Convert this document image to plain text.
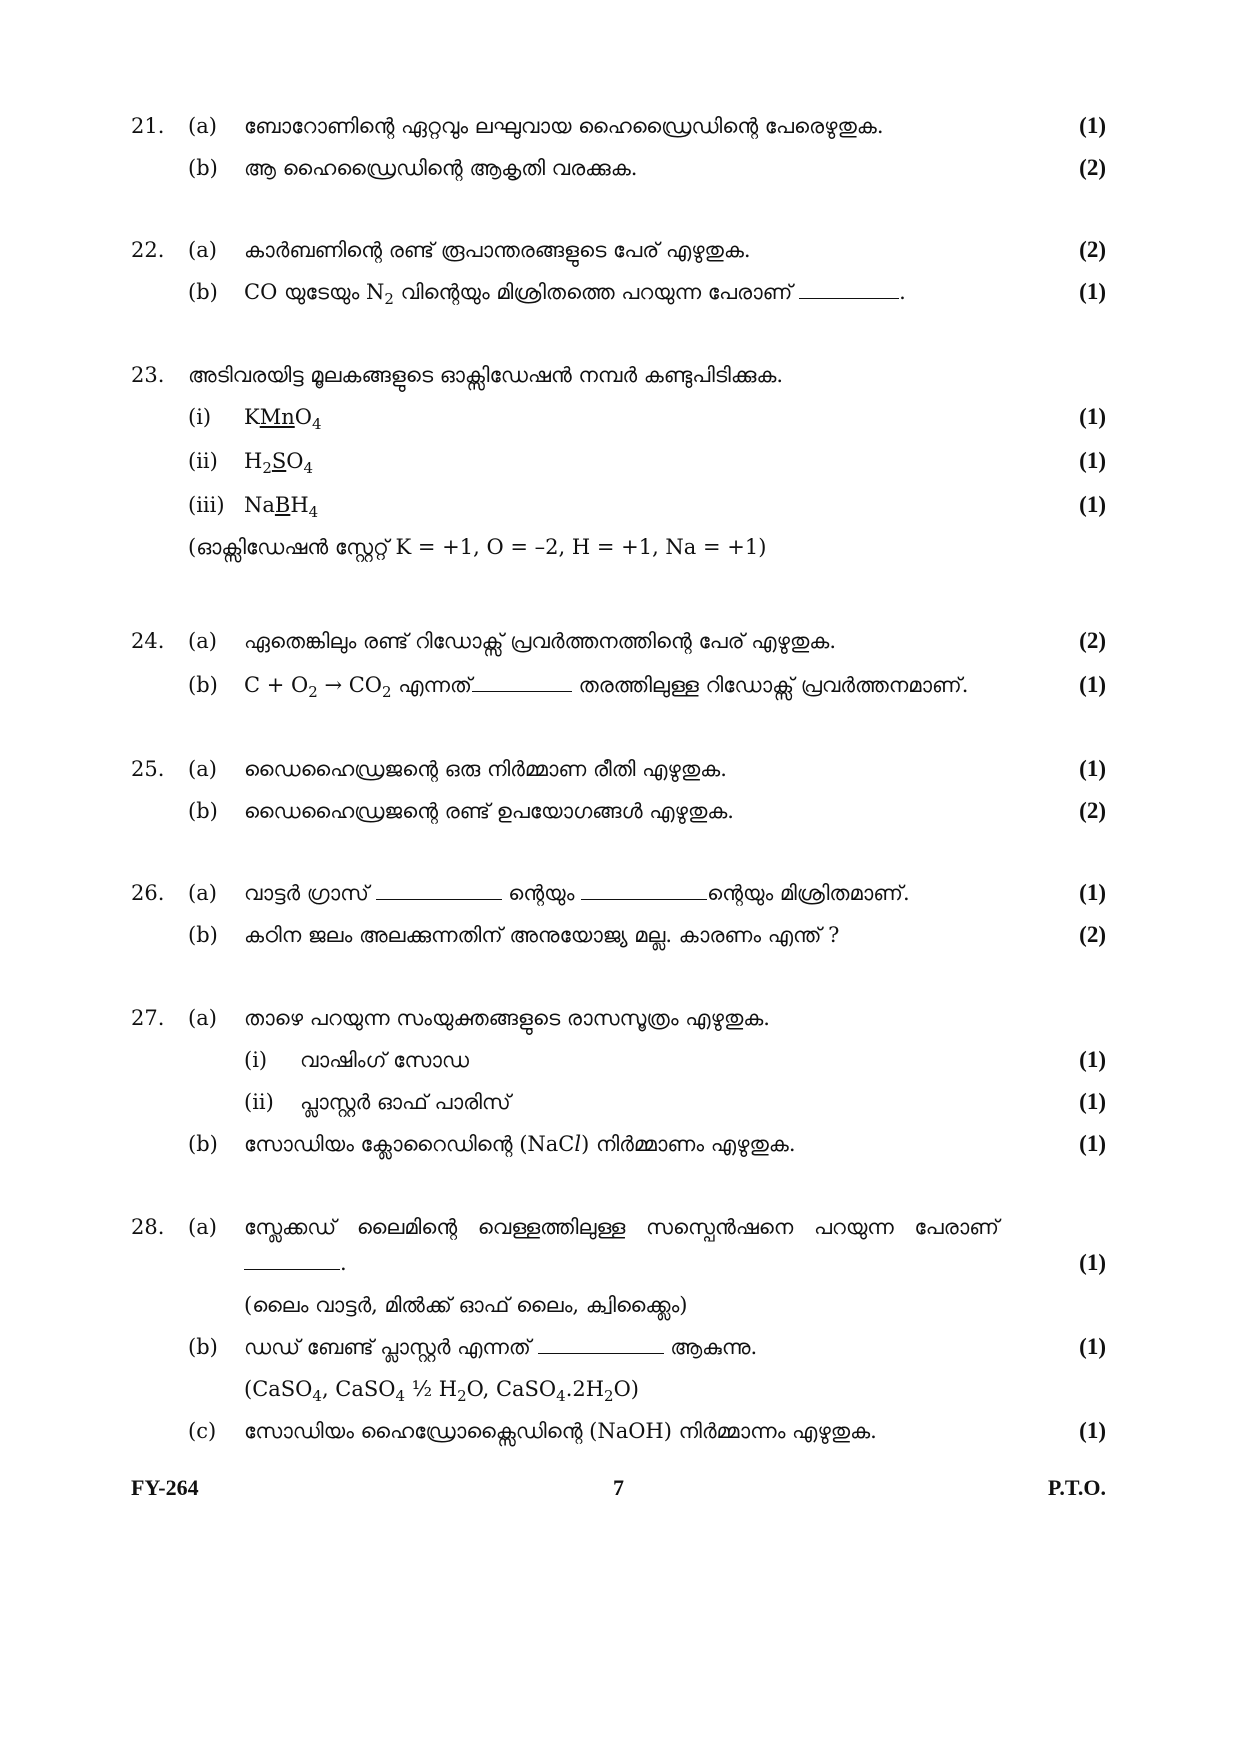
21. (a) ബോറോണിന്റെ ഏറ്റവും ലഘുവായ ഹൈഡ്രൈഡിന്റെ പേരെഴുതുക.	(1)
(b) ആ ഹൈഡ്രൈഡിന്റെ ആകൃതി വരക്കുക.	(2)
22. (a) കാർബണിന്റെ രണ്ട് രൂപാന്തരങ്ങളുടെ പേര് എഴുതുക.	(2)
(b) CO യുടേയും $N_2$ വിന്റെയും മിശ്രിതത്തെ പറയുന്ന പേരാണ്	.	(1)
23. അടിവരയിട്ട മൂലകങ്ങളുടെ ഓക്സിഡേഷൻ നമ്പർ കണ്ടുപിടിക്കുക.
(i) KMnO$_4$	(1)
(ii) $H_2SO_4$	(1)
(iii) NaBH$_4$	(1)
(ഓക്സിഡേഷൻ സ്റ്റേറ്റ് K = +1, O = –2, H = +1, Na = +1)
24. (a) ഏതെങ്കിലും രണ്ട് റിഡോക്സ് പ്രവർത്തനത്തിന്റെ പേര് എഴുതുക.	(2)
(b) $C + O_2 \to CO_2$ എന്നത്	തരത്തിലുള്ള റിഡോക്സ് പ്രവർത്തനമാണ്.	(1)
25. (a) ഡൈഹൈഡ്രജന്റെ ഒരു നിർമ്മാണ രീതി എഴുതുക.	(1)
(b) ഡൈഹൈഡ്രജന്റെ രണ്ട് ഉപയോഗങ്ങൾ എഴുതുക.	(2)
26. (a) വാട്ടർ ഗ്രാസ്	ന്റെയും	ന്റെയും മിശ്രിതമാണ്.	(1)
(b) കഠിന ജലം അലക്കുന്നതിന് അനുയോജ്യ മല്ല. കാരണം എന്ത് ?	(2)
27. (a) താഴെ പറയുന്ന സംയുക്തങ്ങളുടെ രാസസൂത്രം എഴുതുക.
(i) വാഷിംഗ് സോഡ	(1)
(ii) പ്ലാസ്റ്റർ ഓഫ് പാരിസ്	(1)
(b) സോഡിയം ക്ലോറൈഡിന്റെ (NaCl) നിർമ്മാണം എഴുതുക.	(1)
28. (a) സ്ലേക്കഡ് ലൈമിന്റെ വെള്ളത്തിലുള്ള സസ്പെൻഷനെ പറയുന്ന പേരാണ്
.	(1)
(ലൈം വാട്ടർ, മിൽക്ക് ഓഫ് ലൈം, ക്വിക്ക്ലൈം)
(b) ഡഡ് ബേണ്ട് പ്ലാസ്റ്റർ എന്നത്	ആകുന്നു.	(1)
(CaSO$_4$, CaSO$_4$ ½ $H_2O$, $CaSO_4.2H_2O$)
(c) സോഡിയം ഹൈഡ്രോക്സൈഡിന്റെ (NaOH) നിർമ്മാന്നം എഴുതുക.	(1)
FY-264	7	P.T.O.
